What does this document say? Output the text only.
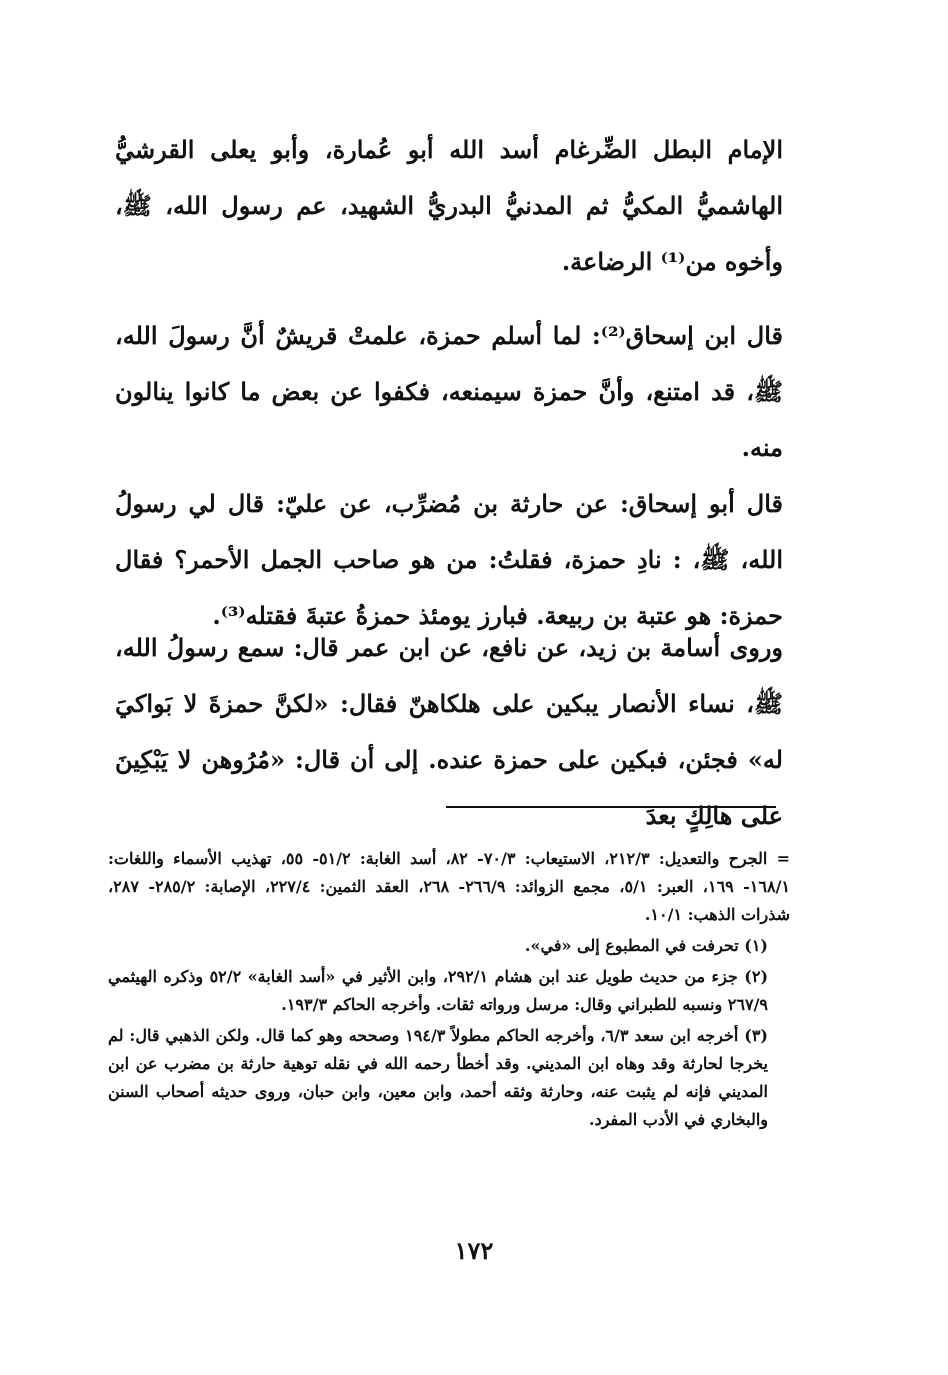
الإمام البطل الضِّرغام أسد الله أبو عُمارة، وأبو يعلى القرشيُّ الهاشميُّ المكيُّ ثم المدنيُّ البدريُّ الشهيد، عم رسول الله، ﷺ، وأخوه من⁽¹⁾ الرضاعة.

قال ابن إسحاق⁽²⁾: لما أسلم حمزة، علمتْ قريشٌ أنَّ رسولَ الله، ﷺ، قد امتنع، وأنَّ حمزة سيمنعه، فكفوا عن بعض ما كانوا ينالون منه.

قال أبو إسحاق: عن حارثة بن مُضرِّب، عن عليّ: قال لي رسولُ الله، ﷺ، : نادِ حمزة، فقلتُ: من هو صاحب الجمل الأحمر؟ فقال حمزة: هو عتبة بن ربيعة. فبارز يومئذ حمزةُ عتبةَ فقتله⁽³⁾.

وروى أسامة بن زيد، عن نافع، عن ابن عمر قال: سمع رسولُ الله، ﷺ، نساء الأنصار يبكين على هلكاهنّ فقال: «لكنَّ حمزةَ لا بَواكيَ له» فجئن، فبكين على حمزة عنده. إلى أن قال: «مُرُوهن لا يَبْكِينَ على هالِكٍ بعدَ

= الجرح والتعديل: ٢١٢/٣، الاستيعاب: ٧٠/٣- ٨٢، أسد الغابة: ٥١/٢- ٥٥، تهذيب الأسماء واللغات: ١٦٨/١- ١٦٩، العبر: ٥/١، مجمع الزوائد: ٢٦٦/٩- ٢٦٨، العقد الثمين: ٢٢٧/٤، الإصابة: ٢٨٥/٢- ٢٨٧، شذرات الذهب: ١٠/١.

(١) تحرفت في المطبوع إلى «في».

(٢) جزء من حديث طويل عند ابن هشام ٢٩٢/١، وابن الأثير في «أسد الغابة» ٥٢/٢ وذكره الهيثمي ٢٦٧/٩ ونسبه للطبراني وقال: مرسل ورواته ثقات. وأخرجه الحاكم ١٩٣/٣.

(٣) أخرجه ابن سعد ٦/٣، وأخرجه الحاكم مطولاً ١٩٤/٣ وصححه وهو كما قال. ولكن الذهبي قال: لم يخرجا لحارثة وقد وهاه ابن المديني. وقد أخطأ رحمه الله في نقله توهية حارثة بن مضرب عن ابن المديني فإنه لم يثبت عنه، وحارثة وثقه أحمد، وابن معين، وابن حبان، وروى حديثه أصحاب السنن والبخاري في الأدب المفرد.

١٧٢
